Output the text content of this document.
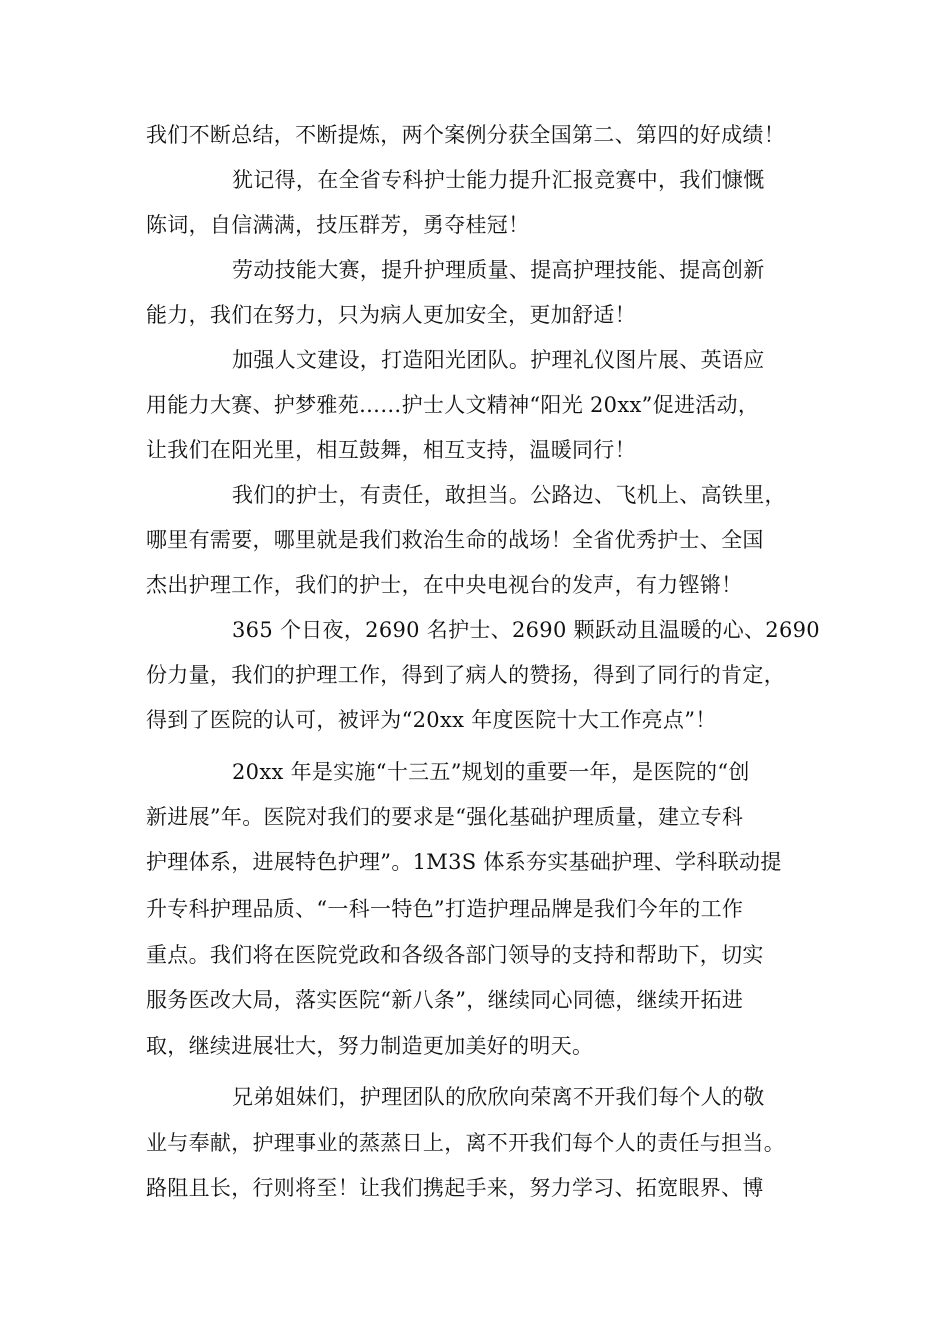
我们不断总结，不断提炼，两个案例分获全国第二、第四的好成绩！
犹记得，在全省专科护士能力提升汇报竞赛中，我们慷慨
陈词，自信满满，技压群芳，勇夺桂冠！
劳动技能大赛，提升护理质量、提高护理技能、提高创新
能力，我们在努力，只为病人更加安全，更加舒适！
加强人文建设，打造阳光团队。护理礼仪图片展、英语应
用能力大赛、护梦雅苑……护士人文精神“阳光 20xx”促进活动，
让我们在阳光里，相互鼓舞，相互支持，温暖同行！
我们的护士，有责任，敢担当。公路边、飞机上、高铁里，
哪里有需要，哪里就是我们救治生命的战场！全省优秀护士、全国
杰出护理工作，我们的护士，在中央电视台的发声，有力铿锵！
365 个日夜，2690 名护士、2690 颗跃动且温暖的心、2690
份力量，我们的护理工作，得到了病人的赞扬，得到了同行的肯定，
得到了医院的认可，被评为“20xx 年度医院十大工作亮点”！
20xx 年是实施“十三五”规划的重要一年，是医院的“创
新进展”年。医院对我们的要求是“强化基础护理质量，建立专科
护理体系，进展特色护理”。1M3S 体系夯实基础护理、学科联动提
升专科护理品质、“一科一特色”打造护理品牌是我们今年的工作
重点。我们将在医院党政和各级各部门领导的支持和帮助下，切实
服务医改大局，落实医院“新八条”，继续同心同德，继续开拓进
取，继续进展壮大，努力制造更加美好的明天。
兄弟姐妹们，护理团队的欣欣向荣离不开我们每个人的敬
业与奉献，护理事业的蒸蒸日上，离不开我们每个人的责任与担当。
路阻且长，行则将至！让我们携起手来，努力学习、拓宽眼界、博
